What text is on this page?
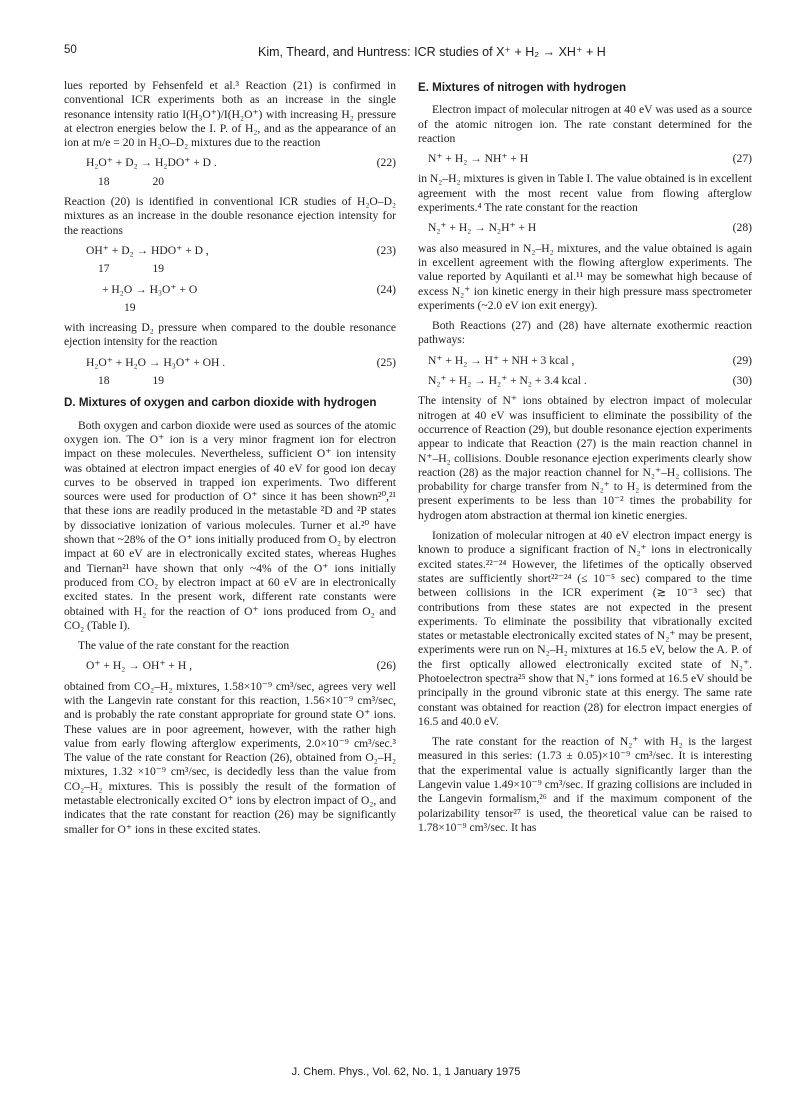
50	Kim, Theard, and Huntress: ICR studies of X⁺ + H₂ → XH⁺ + H

lues reported by Fehsenfeld et al.³ Reaction (21) is confirmed in conventional ICR experiments both as an increase in the single resonance intensity ratio I(H₃O⁺)/I(H₂O⁺) with increasing H₂ pressure at electron energies below the I. P. of H₂, and as the appearance of an ion at m/e = 20 in H₂O–D₂ mixtures due to the reaction

H₂O⁺ + D₂ → H₂DO⁺ + D .	(22)
18 20

Reaction (20) is identified in conventional ICR studies of H₂O–D₂ mixtures as an increase in the double resonance ejection intensity for the reactions

OH⁺ + D₂ → HDO⁺ + D ,	(23)
17 19
+ H₂O → H₃O⁺ + O	(24)
19

with increasing D₂ pressure when compared to the double resonance ejection intensity for the reaction

H₂O⁺ + H₂O → H₃O⁺ + OH .	(25)
18 19
D. Mixtures of oxygen and carbon dioxide with hydrogen

Both oxygen and carbon dioxide were used as sources of the atomic oxygen ion. The O⁺ ion is a very minor fragment ion for electron impact on these molecules. Nevertheless, sufficient O⁺ ion intensity was obtained at electron impact energies of 40 eV for good ion decay curves to be observed in trapped ion experiments. Two different sources were used for production of O⁺ since it has been shown²⁰,²¹ that these ions are readily produced in the metastable ²D and ²P states by dissociative ionization of various molecules. Turner et al.²⁰ have shown that ~28% of the O⁺ ions initially produced from O₂ by electron impact at 60 eV are in electronically excited states, whereas Hughes and Tiernan²¹ have shown that only ~4% of the O⁺ ions initially produced from CO₂ by electron impact at 60 eV are in electronically excited states. In the present work, different rate constants were obtained with H₂ for the reaction of O⁺ ions produced from O₂ and CO₂ (Table I).

The value of the rate constant for the reaction

O⁺ + H₂ → OH⁺ + H ,	(26)

obtained from CO₂–H₂ mixtures, 1.58×10⁻⁹ cm³/sec, agrees very well with the Langevin rate constant for this reaction, 1.56×10⁻⁹ cm³/sec, and is probably the rate constant appropriate for ground state O⁺ ions. These values are in poor agreement, however, with the rather high value from early flowing afterglow experiments, 2.0×10⁻⁹ cm³/sec.³ The value of the rate constant for Reaction (26), obtained from O₂–H₂ mixtures, 1.32 ×10⁻⁹ cm³/sec, is decidedly less than the value from CO₂–H₂ mixtures. This is possibly the result of the formation of metastable electronically excited O⁺ ions by electron impact of O₂, and indicates that the rate constant for reaction (26) may be significantly smaller for O⁺ ions in these excited states.

E. Mixtures of nitrogen with hydrogen

Electron impact of molecular nitrogen at 40 eV was used as a source of the atomic nitrogen ion. The rate constant determined for the reaction

N⁺ + H₂ → NH⁺ + H	(27)

in N₂–H₂ mixtures is given in Table I. The value obtained is in excellent agreement with the most recent value from flowing afterglow experiments.⁴ The rate constant for the reaction

N₂⁺ + H₂ → N₂H⁺ + H	(28)

was also measured in N₂–H₂ mixtures, and the value obtained is again in excellent agreement with the flowing afterglow experiments. The value reported by Aquilanti et al.¹¹ may be somewhat high because of excess N₂⁺ ion kinetic energy in their high pressure mass spectrometer experiments (~2.0 eV ion exit energy).

Both Reactions (27) and (28) have alternate exothermic reaction pathways:

N⁺ + H₂ → H⁺ + NH + 3 kcal ,	(29)
N₂⁺ + H₂ → H₂⁺ + N₂ + 3.4 kcal .	(30)

The intensity of N⁺ ions obtained by electron impact of molecular nitrogen at 40 eV was insufficient to eliminate the possibility of the occurrence of Reaction (29), but double resonance ejection experiments appear to indicate that Reaction (27) is the main reaction channel in N⁺–H₂ collisions. Double resonance ejection experiments clearly show reaction (28) as the major reaction channel for N₂⁺–H₂ collisions. The probability for charge transfer from N₂⁺ to H₂ is determined from the present experiments to be less than 10⁻² times the probability for hydrogen atom abstraction at thermal ion kinetic energies.

Ionization of molecular nitrogen at 40 eV electron impact energy is known to produce a significant fraction of N₂⁺ ions in electronically excited states.²²⁻²⁴ However, the lifetimes of the optically observed states are sufficiently short²²⁻²⁴ (≤ 10⁻⁵ sec) compared to the time between collisions in the ICR experiment (≳ 10⁻³ sec) that contributions from these states are not expected in the present experiments. To eliminate the possibility that vibrationally excited states or metastable electronically excited states of N₂⁺ may be present, experiments were run on N₂–H₂ mixtures at 16.5 eV, below the A. P. of the first optically allowed electronically excited state of N₂⁺. Photoelectron spectra²⁵ show that N₂⁺ ions formed at 16.5 eV should be principally in the ground vibronic state at this energy. The same rate constant was obtained for reaction (28) for electron impact energies of 16.5 and 40.0 eV.

The rate constant for the reaction of N₂⁺ with H₂ is the largest measured in this series: (1.73 ± 0.05)×10⁻⁹ cm³/sec. It is interesting that the experimental value is actually significantly larger than the Langevin value 1.49×10⁻⁹ cm³/sec. If grazing collisions are included in the Langevin formalism,²⁶ and if the maximum component of the polarizability tensor²⁷ is used, the theoretical value can be raised to 1.78×10⁻⁹ cm³/sec. It has

J. Chem. Phys., Vol. 62, No. 1, 1 January 1975
